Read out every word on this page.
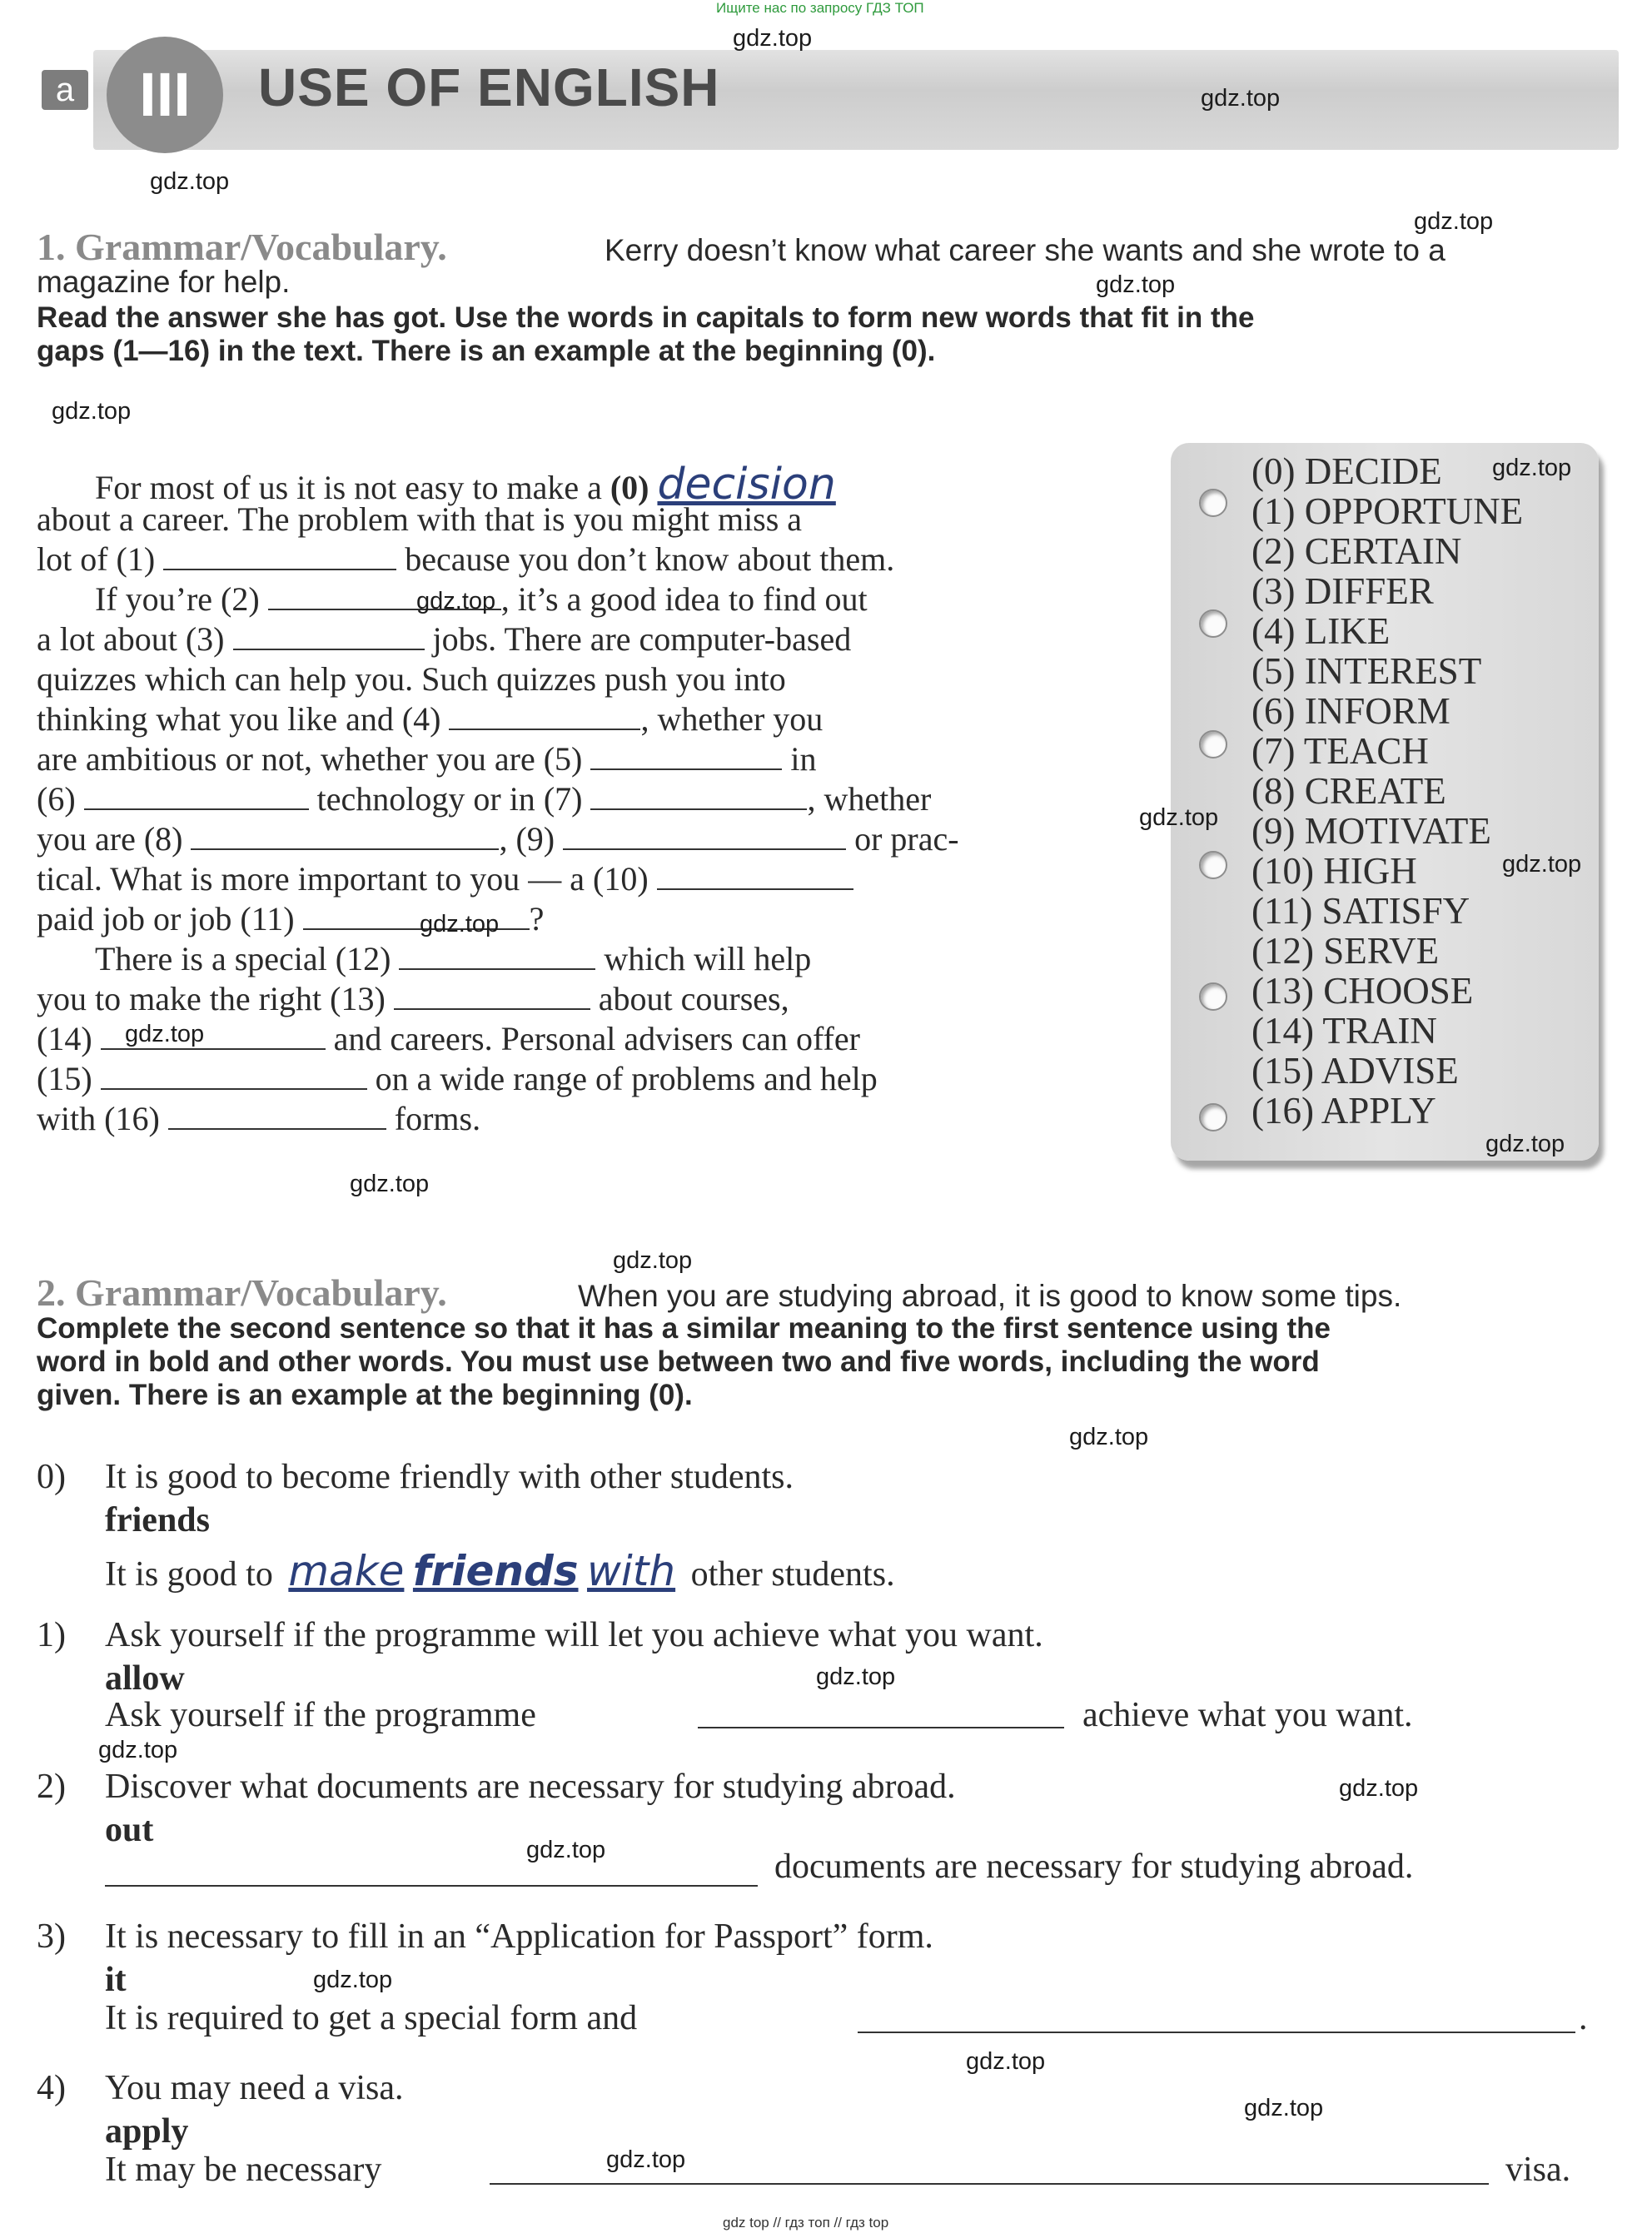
Ищите нас по запросу ГДЗ ТОП
a	III	USE OF ENGLISH
1. Grammar/Vocabulary.	Kerry doesn’t know what career she wants and she wrote to a
magazine for help.
Read the answer she has got. Use the words in capitals to form new words that fit in the
gaps (1—16) in the text. There is an example at the beginning (0).
For most of us it is not easy to make a (0) decision
about a career. The problem with that is you might miss a
lot of (1)	because you don’t know about them.
If you’re (2)	, it’s a good idea to find out
a lot about (3)	jobs. There are computer-based
quizzes which can help you. Such quizzes push you into
thinking what you like and (4)	, whether you
are ambitious or not, whether you are (5)	in
(6)	technology or in (7)	, whether
you are (8)	, (9)	or prac-
tical. What is more important to you — a (10)
paid job or job (11)	?
There is a special (12)	which will help
you to make the right (13)	about courses,
(14)	and careers. Personal advisers can offer
(15)	on a wide range of problems and help
with (16)	forms.
(0) DECIDE
(1) OPPORTUNE
(2) CERTAIN
(3) DIFFER
(4) LIKE
(5) INTEREST
(6) INFORM
(7) TEACH
(8) CREATE
(9) MOTIVATE
(10) HIGH
(11) SATISFY
(12) SERVE
(13) CHOOSE
(14) TRAIN
(15) ADVISE
(16) APPLY
2. Grammar/Vocabulary.	When you are studying abroad, it is good to know some tips.
Complete the second sentence so that it has a similar meaning to the first sentence using the
word in bold and other words. You must use between two and five words, including the word
given. There is an example at the beginning (0).
0) It is good to become friendly with other students.
friends
It is good to make friends with other students.
1) Ask yourself if the programme will let you achieve what you want.
allow
Ask yourself if the programme	achieve what you want.
2) Discover what documents are necessary for studying abroad.
out
documents are necessary for studying abroad.
3) It is necessary to fill in an “Application for Passport” form.
it
It is required to get a special form and	.
4) You may need a visa.
apply
It may be necessary	visa.
gdz top // гдз топ // гдз top
gdz.top
gdz.top
gdz.top
gdz.top
gdz.top
gdz.top
gdz.top
gdz.top
gdz.top
gdz.top
gdz.top
gdz.top
gdz.top
gdz.top
gdz.top
gdz.top
gdz.top
gdz.top
gdz.top
gdz.top
gdz.top
gdz.top
gdz.top
gdz.top
